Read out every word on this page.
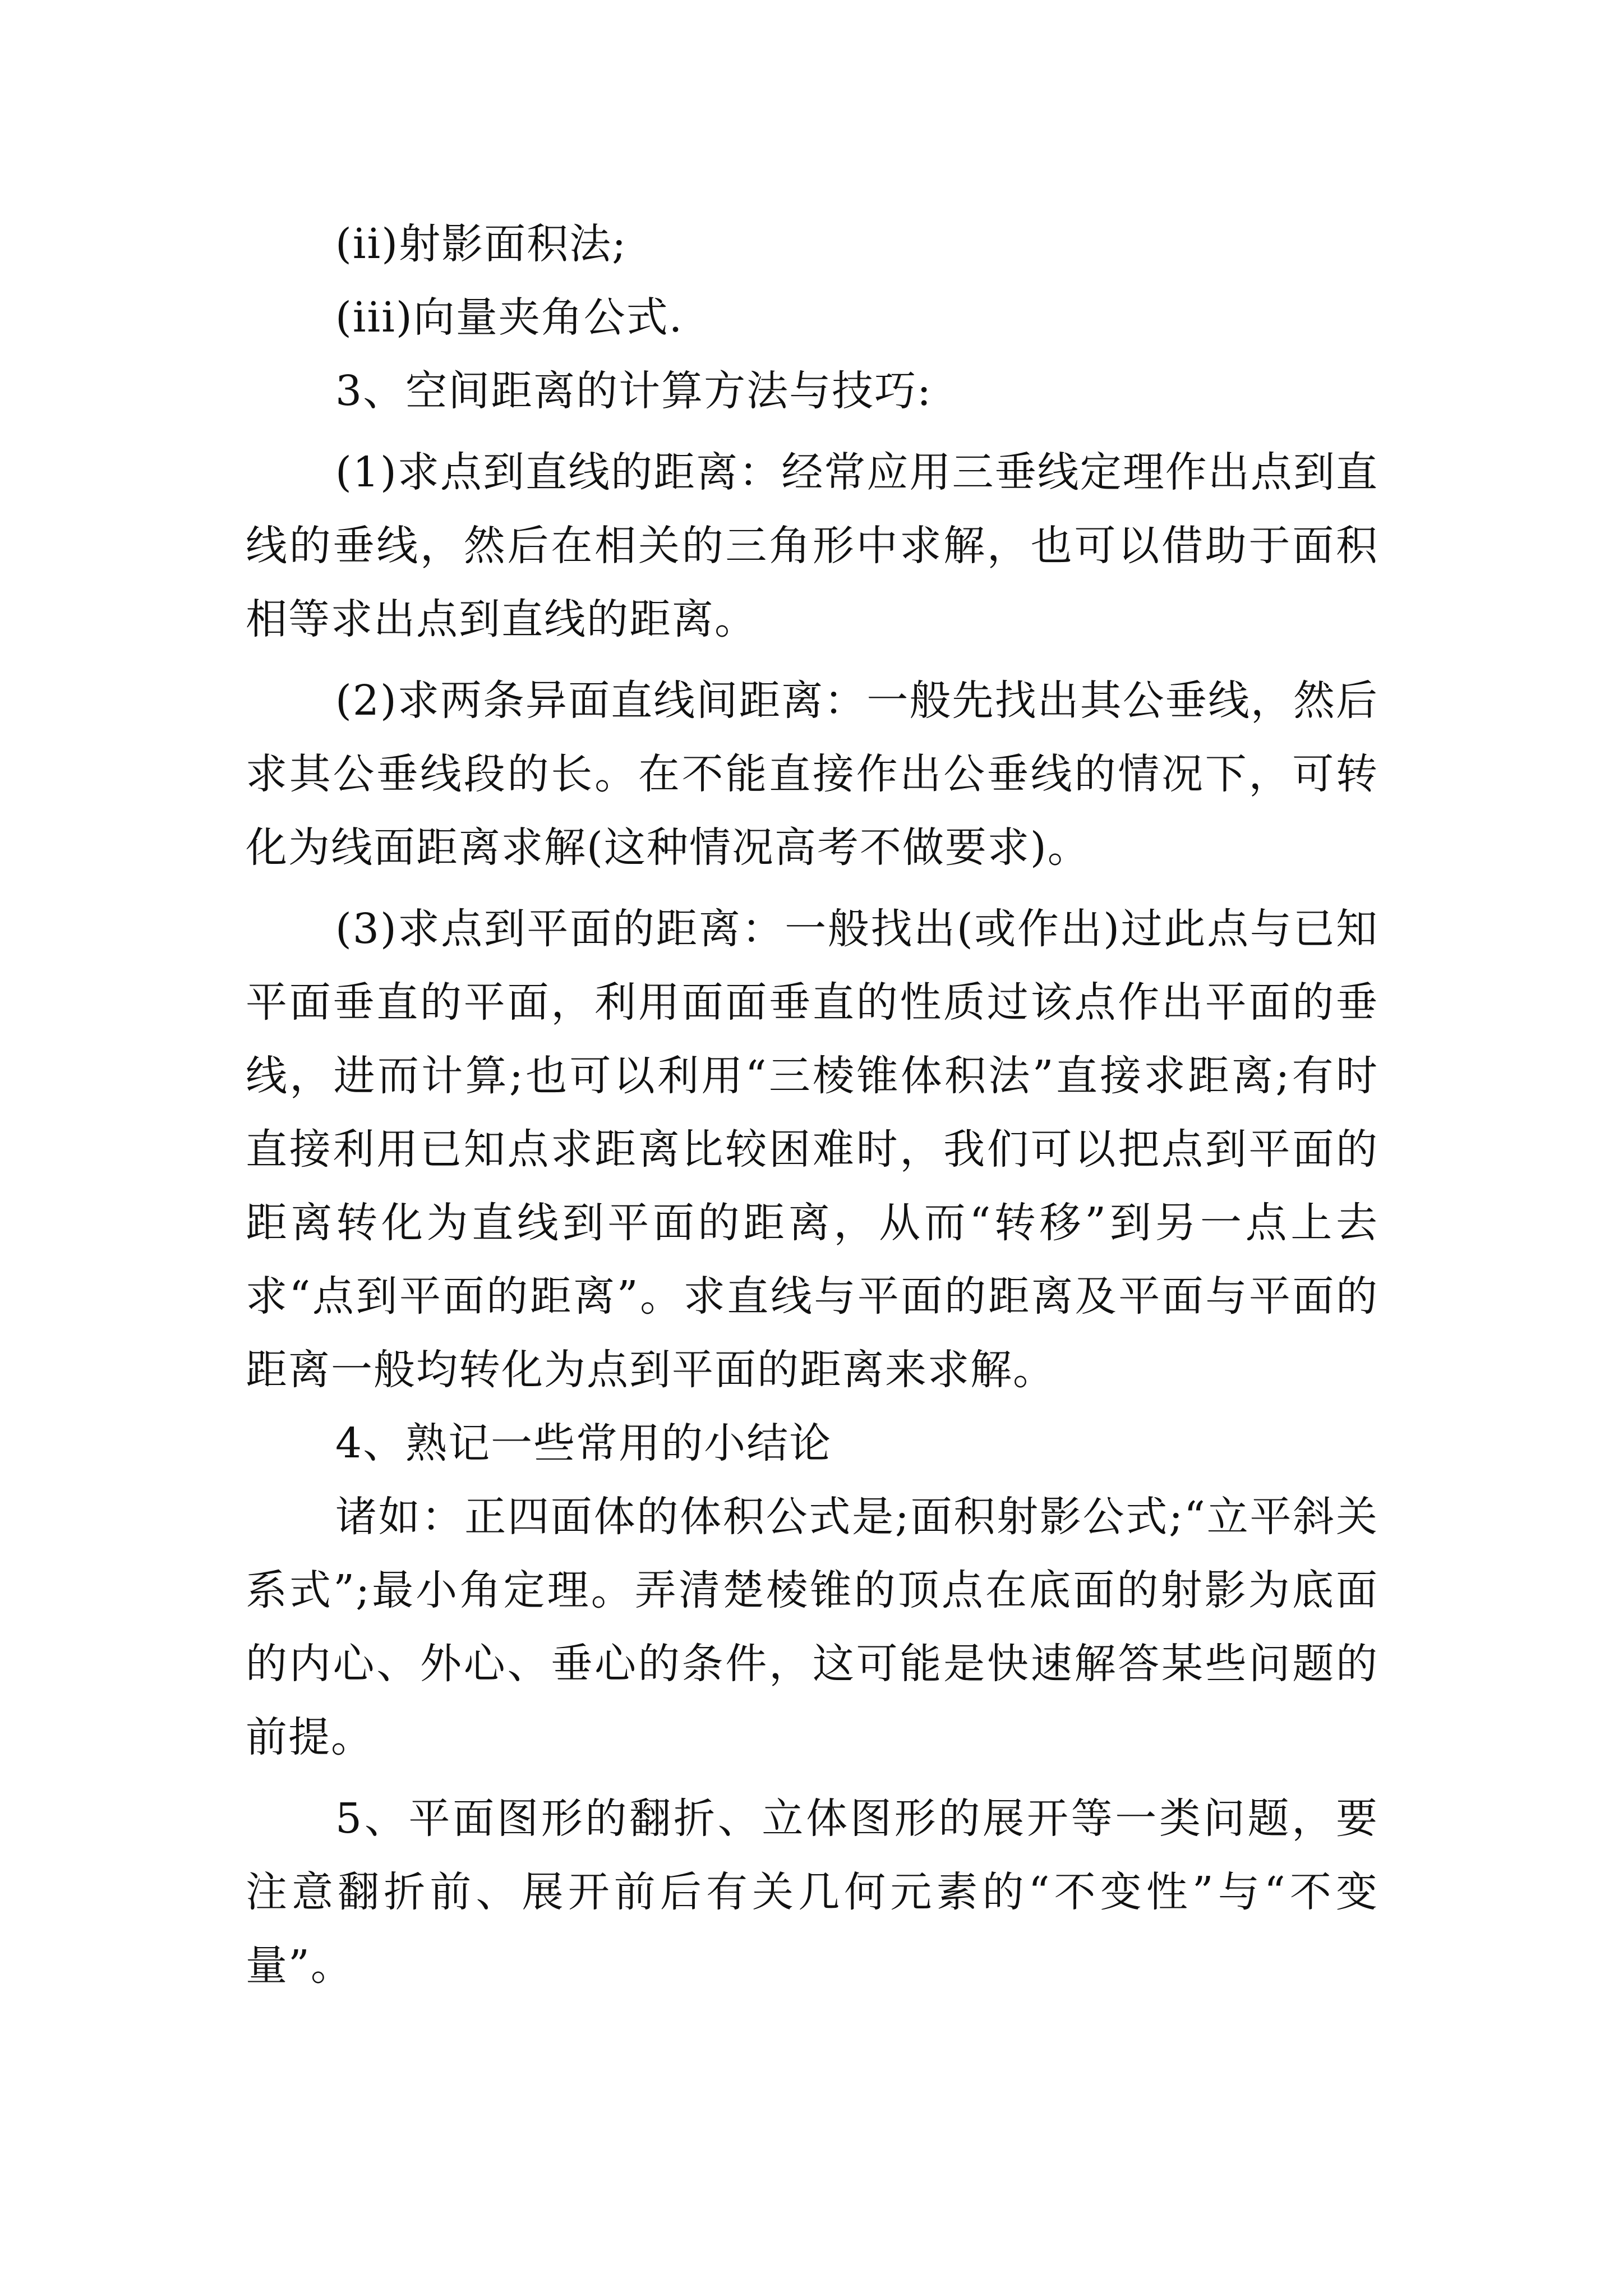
(ii)射影面积法;

(iii)向量夹角公式.

3、空间距离的计算方法与技巧:

(1)求点到直线的距离：经常应用三垂线定理作出点到直线的垂线，然后在相关的三角形中求解，也可以借助于面积相等求出点到直线的距离。

(2)求两条异面直线间距离：一般先找出其公垂线，然后求其公垂线段的长。在不能直接作出公垂线的情况下，可转化为线面距离求解(这种情况高考不做要求)。

(3)求点到平面的距离：一般找出(或作出)过此点与已知平面垂直的平面，利用面面垂直的性质过该点作出平面的垂线，进而计算;也可以利用“三棱锥体积法”直接求距离;有时直接利用已知点求距离比较困难时，我们可以把点到平面的距离转化为直线到平面的距离，从而“转移”到另一点上去求“点到平面的距离”。求直线与平面的距离及平面与平面的距离一般均转化为点到平面的距离来求解。

4、熟记一些常用的小结论

诸如：正四面体的体积公式是;面积射影公式;“立平斜关系式”;最小角定理。弄清楚棱锥的顶点在底面的射影为底面的内心、外心、垂心的条件，这可能是快速解答某些问题的前提。

5、平面图形的翻折、立体图形的展开等一类问题，要注意翻折前、展开前后有关几何元素的“不变性”与“不变量”。
